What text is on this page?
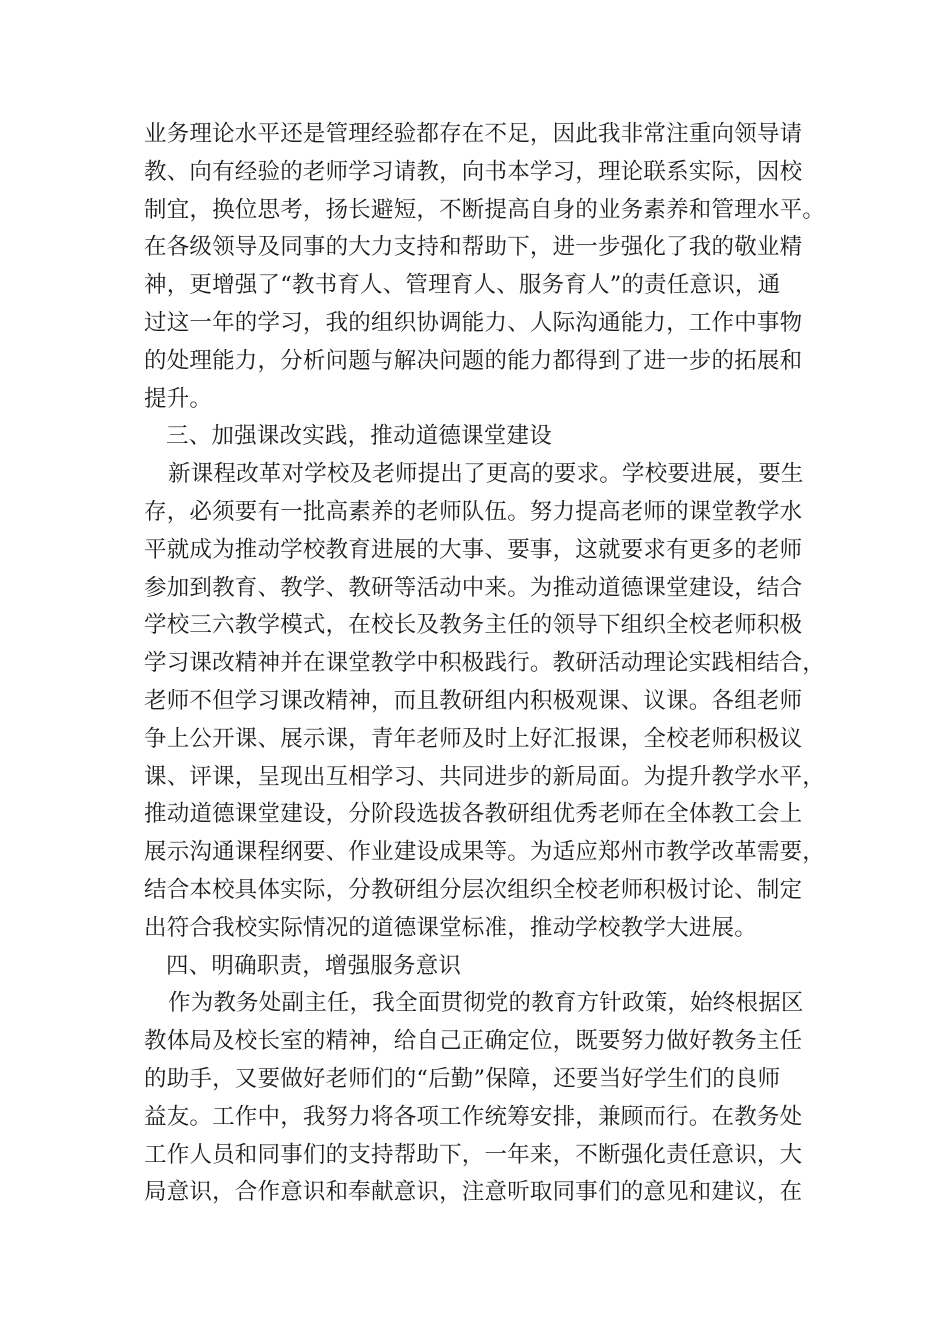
业务理论水平还是管理经验都存在不足，因此我非常注重向领导请
教、向有经验的老师学习请教，向书本学习，理论联系实际，因校
制宜，换位思考，扬长避短，不断提高自身的业务素养和管理水平。
在各级领导及同事的大力支持和帮助下，进一步强化了我的敬业精
神，更增强了“教书育人、管理育人、服务育人”的责任意识，通
过这一年的学习，我的组织协调能力、人际沟通能力，工作中事物
的处理能力，分析问题与解决问题的能力都得到了进一步的拓展和
提升。
三、加强课改实践，推动道德课堂建设
新课程改革对学校及老师提出了更高的要求。学校要进展，要生
存，必须要有一批高素养的老师队伍。努力提高老师的课堂教学水
平就成为推动学校教育进展的大事、要事，这就要求有更多的老师
参加到教育、教学、教研等活动中来。为推动道德课堂建设，结合
学校三六教学模式，在校长及教务主任的领导下组织全校老师积极
学习课改精神并在课堂教学中积极践行。教研活动理论实践相结合，
老师不但学习课改精神，而且教研组内积极观课、议课。各组老师
争上公开课、展示课，青年老师及时上好汇报课，全校老师积极议
课、评课，呈现出互相学习、共同进步的新局面。为提升教学水平，
推动道德课堂建设，分阶段选拔各教研组优秀老师在全体教工会上
展示沟通课程纲要、作业建设成果等。为适应郑州市教学改革需要，
结合本校具体实际，分教研组分层次组织全校老师积极讨论、制定
出符合我校实际情况的道德课堂标准，推动学校教学大进展。
四、明确职责，增强服务意识
作为教务处副主任，我全面贯彻党的教育方针政策，始终根据区
教体局及校长室的精神，给自己正确定位，既要努力做好教务主任
的助手，又要做好老师们的“后勤”保障，还要当好学生们的良师
益友。工作中，我努力将各项工作统筹安排，兼顾而行。在教务处
工作人员和同事们的支持帮助下，一年来，不断强化责任意识，大
局意识，合作意识和奉献意识，注意听取同事们的意见和建议，在
